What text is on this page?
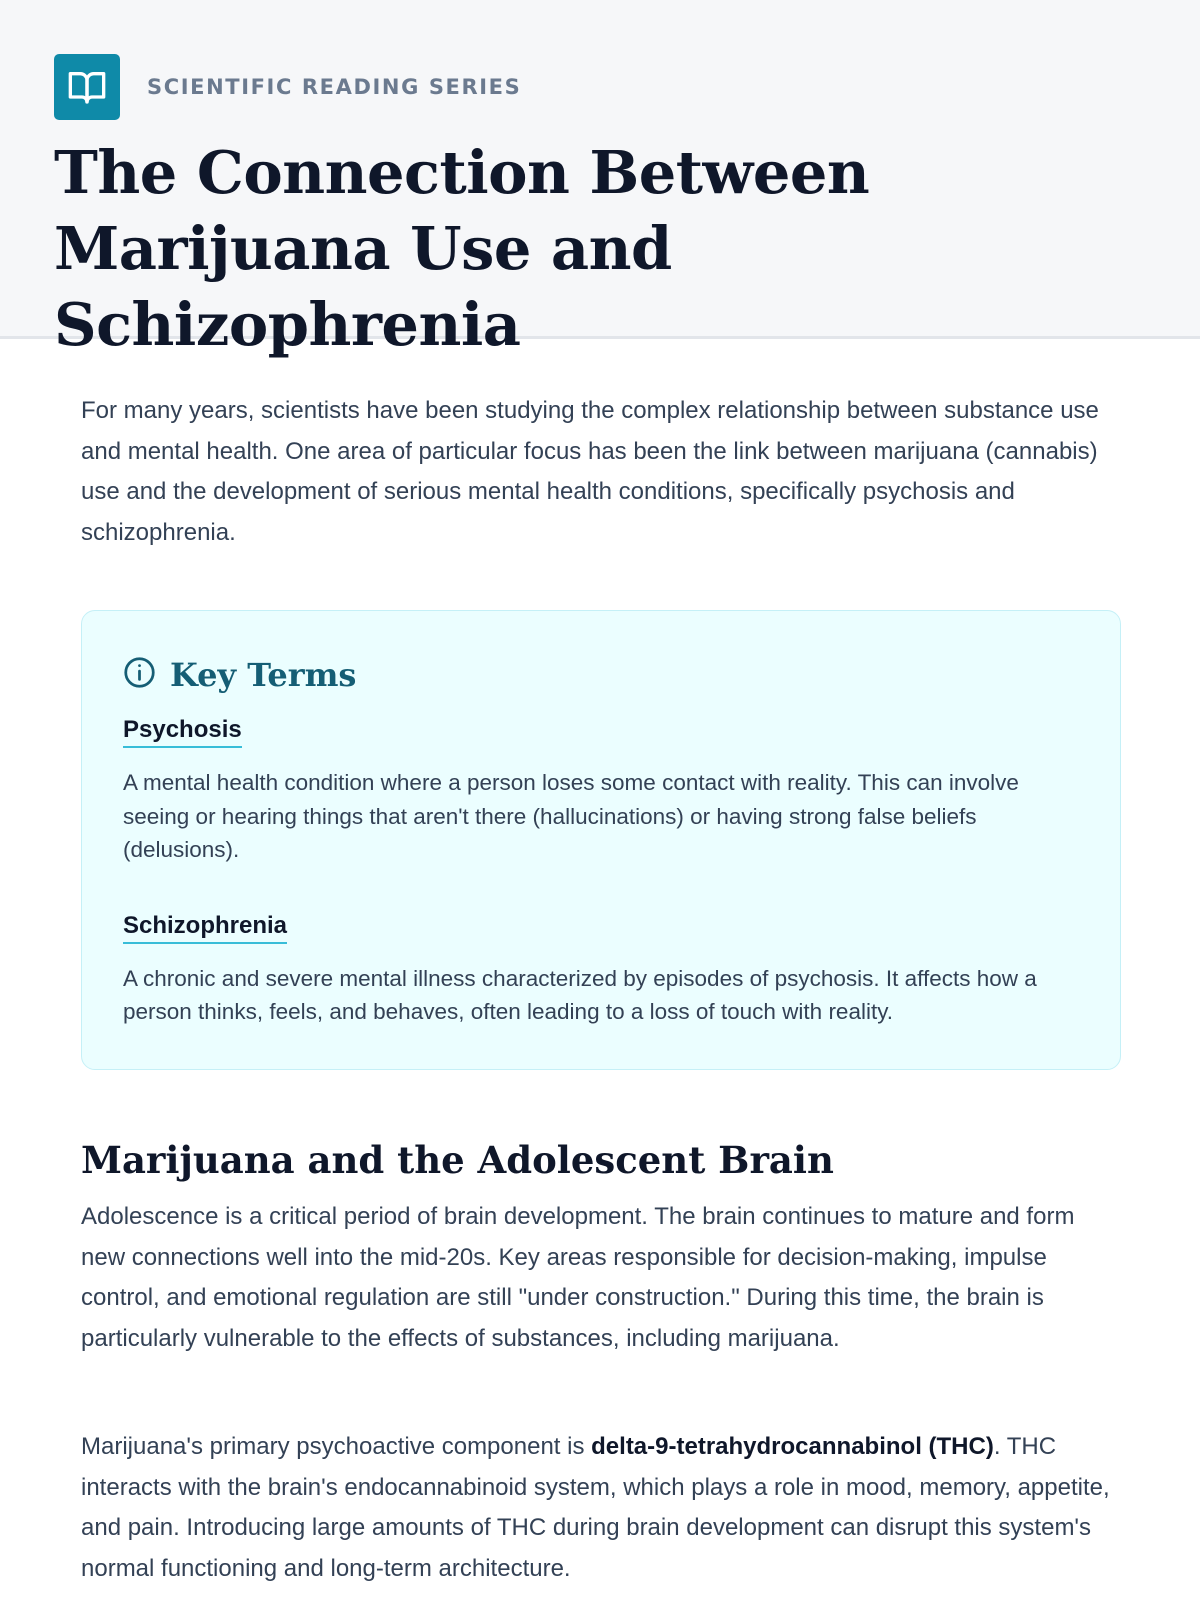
SCIENTIFIC READING SERIES
The Connection Between Marijuana Use and Schizophrenia

For many years, scientists have been studying the complex relationship between substance use and mental health. One area of particular focus has been the link between marijuana (cannabis) use and the development of serious mental health conditions, specifically psychosis and schizophrenia.

Key Terms
Psychosis

A mental health condition where a person loses some contact with reality. This can involve seeing or hearing things that aren't there (hallucinations) or having strong false beliefs (delusions).

Schizophrenia

A chronic and severe mental illness characterized by episodes of psychosis. It affects how a person thinks, feels, and behaves, often leading to a loss of touch with reality.

Marijuana and the Adolescent Brain

Adolescence is a critical period of brain development. The brain continues to mature and form new connections well into the mid-20s. Key areas responsible for decision-making, impulse control, and emotional regulation are still "under construction." During this time, the brain is particularly vulnerable to the effects of substances, including marijuana.

Marijuana's primary psychoactive component is delta-9-tetrahydrocannabinol (THC). THC interacts with the brain's endocannabinoid system, which plays a role in mood, memory, appetite, and pain. Introducing large amounts of THC during brain development can disrupt this system's normal functioning and long-term architecture.
